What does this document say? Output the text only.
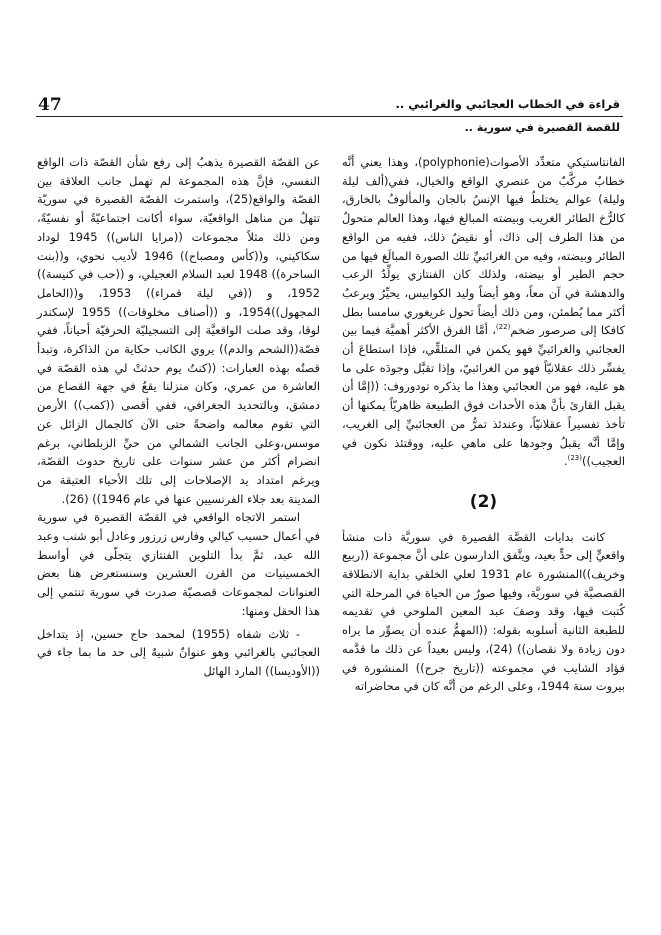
47	قراءة في الخطاب العجائبي والغرائبي ..
للقصة القصيرة في سورية ..

الفانتاستيكي متعدِّد الأصوات(polyphonie)، وهذا يعني أنَّه خطابٌ مركَّبٌ من عنصري الواقع والخيال، ففي(ألف ليلة وليلة) عوالم يختلطُ فيها الإنسُ بالجان والمألوفُ بالخارق، كالرُّخ الطائر الغريب وبيضته المبالغ فيها، وهذا العالم متحولٌ من هذا الطرف إلى ذاك، أو نقيضُ ذلك، ففيه من الواقع الطائر وبيضته، وفيه من الغرائبيِّ تلك الصورة المبالَغ فيها من حجم الطير أو بيضته، ولذلك كان الفنتازي يولِّدُ الرعب والدهشة في آن معاً، وهو أيضاً وليد الكوابيس، يحيِّرُ ويرعبُ أكثر مما يُطمئن، ومن ذلك أيضاً تحول غريغوري سامسا بطل كافكا إلى صرصور ضخم$^{(22)}$، أمَّا الفرق الأكثر أهميَّة فيما بين العجائبي والغرائبيِّ فهو يكمن في المتلقِّي، فإذا استطاعَ أن يفسِّر ذلك عقلانيّاً فهو من الغرائبيّ، وإذا تقبَّل وجودَه على ما هو عليه، فهو من العجائبي وهذا ما يذكره تودوروف: ((إمَّا أن يقبل القارئ بأنَّ هذه الأحداث فوق الطبيعة ظاهريّاً يمكنها أن تأخذ تفسيراً عقلانيّاً، وعندئذ تمرُّ من العجائبيِّ إلى الغريب، وإمَّا أنَّه يقبلُ وجودها على ماهي عليه، ووقتئذ نكون في العجيب))$^{(23)}$.

(2)

كانت بدايات القصَّة القصيرة في سوريَّة ذات منشأ واقعيٍّ إلى حدٍّ بعيد، ويتَّفق الدارسون على أنَّ مجموعة ((ربيع وخريف))المنشورة عام 1931 لعلي الخلقي بداية الانطلاقة القصصيَّة في سوريَّة، وفيها صورٌ من الحياة في المرحلة التي كُتبت فيها، وقد وصفَ عبد المعين الملوحي في تقديمه للطبعة الثانية أسلوبه بقوله: ((المهمُّ عنده أن يصوِّر ما يراه دون زيادة ولا نقصان)) (24)، وليس بعيداً عن ذلك ما قدَّمه فؤاد الشايب في مجموعته ((تاريخ جرح)) المنشورة في بيروت سنة 1944، وعلى الرغم من أنَّه كان في محاضراته

عن القصّة القصيرة يذهبُ إلى رفع شأن القصّة ذات الواقع النفسي، فإنَّ هذه المجموعة لم تهمل جانب العلاقة بين القصّة والواقع(25)، واستمرت القصّة القصيرة في سوريّة تتهلُ من مناهل الواقعيّة، سواء أكانت اجتماعيّةً أو نفسيّةً، ومن ذلك مثلاً مجموعات ((مرايا الناس)) 1945 لوداد سكاكيني، و((كأس ومصباح)) 1946 لأديب نحوي، و((بنت الساحرة)) 1948 لعبد السلام العجيلي، و ((حب في كنيسة)) 1952، و ((في ليلة قمراء)) 1953، و((الحامل المجهول))1954، و ((أصناف مخلوقات)) 1955 لإسكندر لوقا، وقد صلت الواقعيَّة إلى التسجيليّة الحرفيّة أحياناً، ففي قصّة((الشحم والدم)) يروي الكاتب حكاية من الذاكرة، وتبدأ قصتُه بهذه العبارات: ((كنتُ يوم حدثتْ لي هذه القصّة في العاشرة من عمري، وكان منزلنا يقعُ في جهة القصاع من دمشق، وبالتحديد الجغرافي، ففي أقصى ((كمب)) الأرمن التي تقوم معالمه واضحةً حتى الآن كالجمال الزائل عن موسس،وعلى الجانب الشمالي من حيِّ الزبلطاني، برغم انصرام أكثر من عشر سنوات على تاريخ حدوث القصّة، ويرغم امتداد يد الإصلاحات إلى تلك الأحياء العتيقة من المدينة بعد جلاء الفرنسيين عنها في عام 1946)) (26).

استمر الاتجاه الواقعي في القصّة القصيرة في سورية في أعمال حسيب كيالي وفارس زرزور وعادل أبو شنب وعبد الله عبد، ثمَّ بدأ التلوين الفنتازي يتجلّى في أواسط الخمسينيات من القرن العشرين وسنستعرض هنا بعض العنوانات لمجموعات قصصيّة صدرت في سورية تنتمي إلى هذا الحقل ومنها:

- ثلاث شفاه (1955) لمحمد حاج حسين، إذ يتداخل العجائبي بالغرائبي وهو عنوانٌ شبيهٌ إلى حد ما بما جاء في ((الأوديسا)) المارد الهائل
